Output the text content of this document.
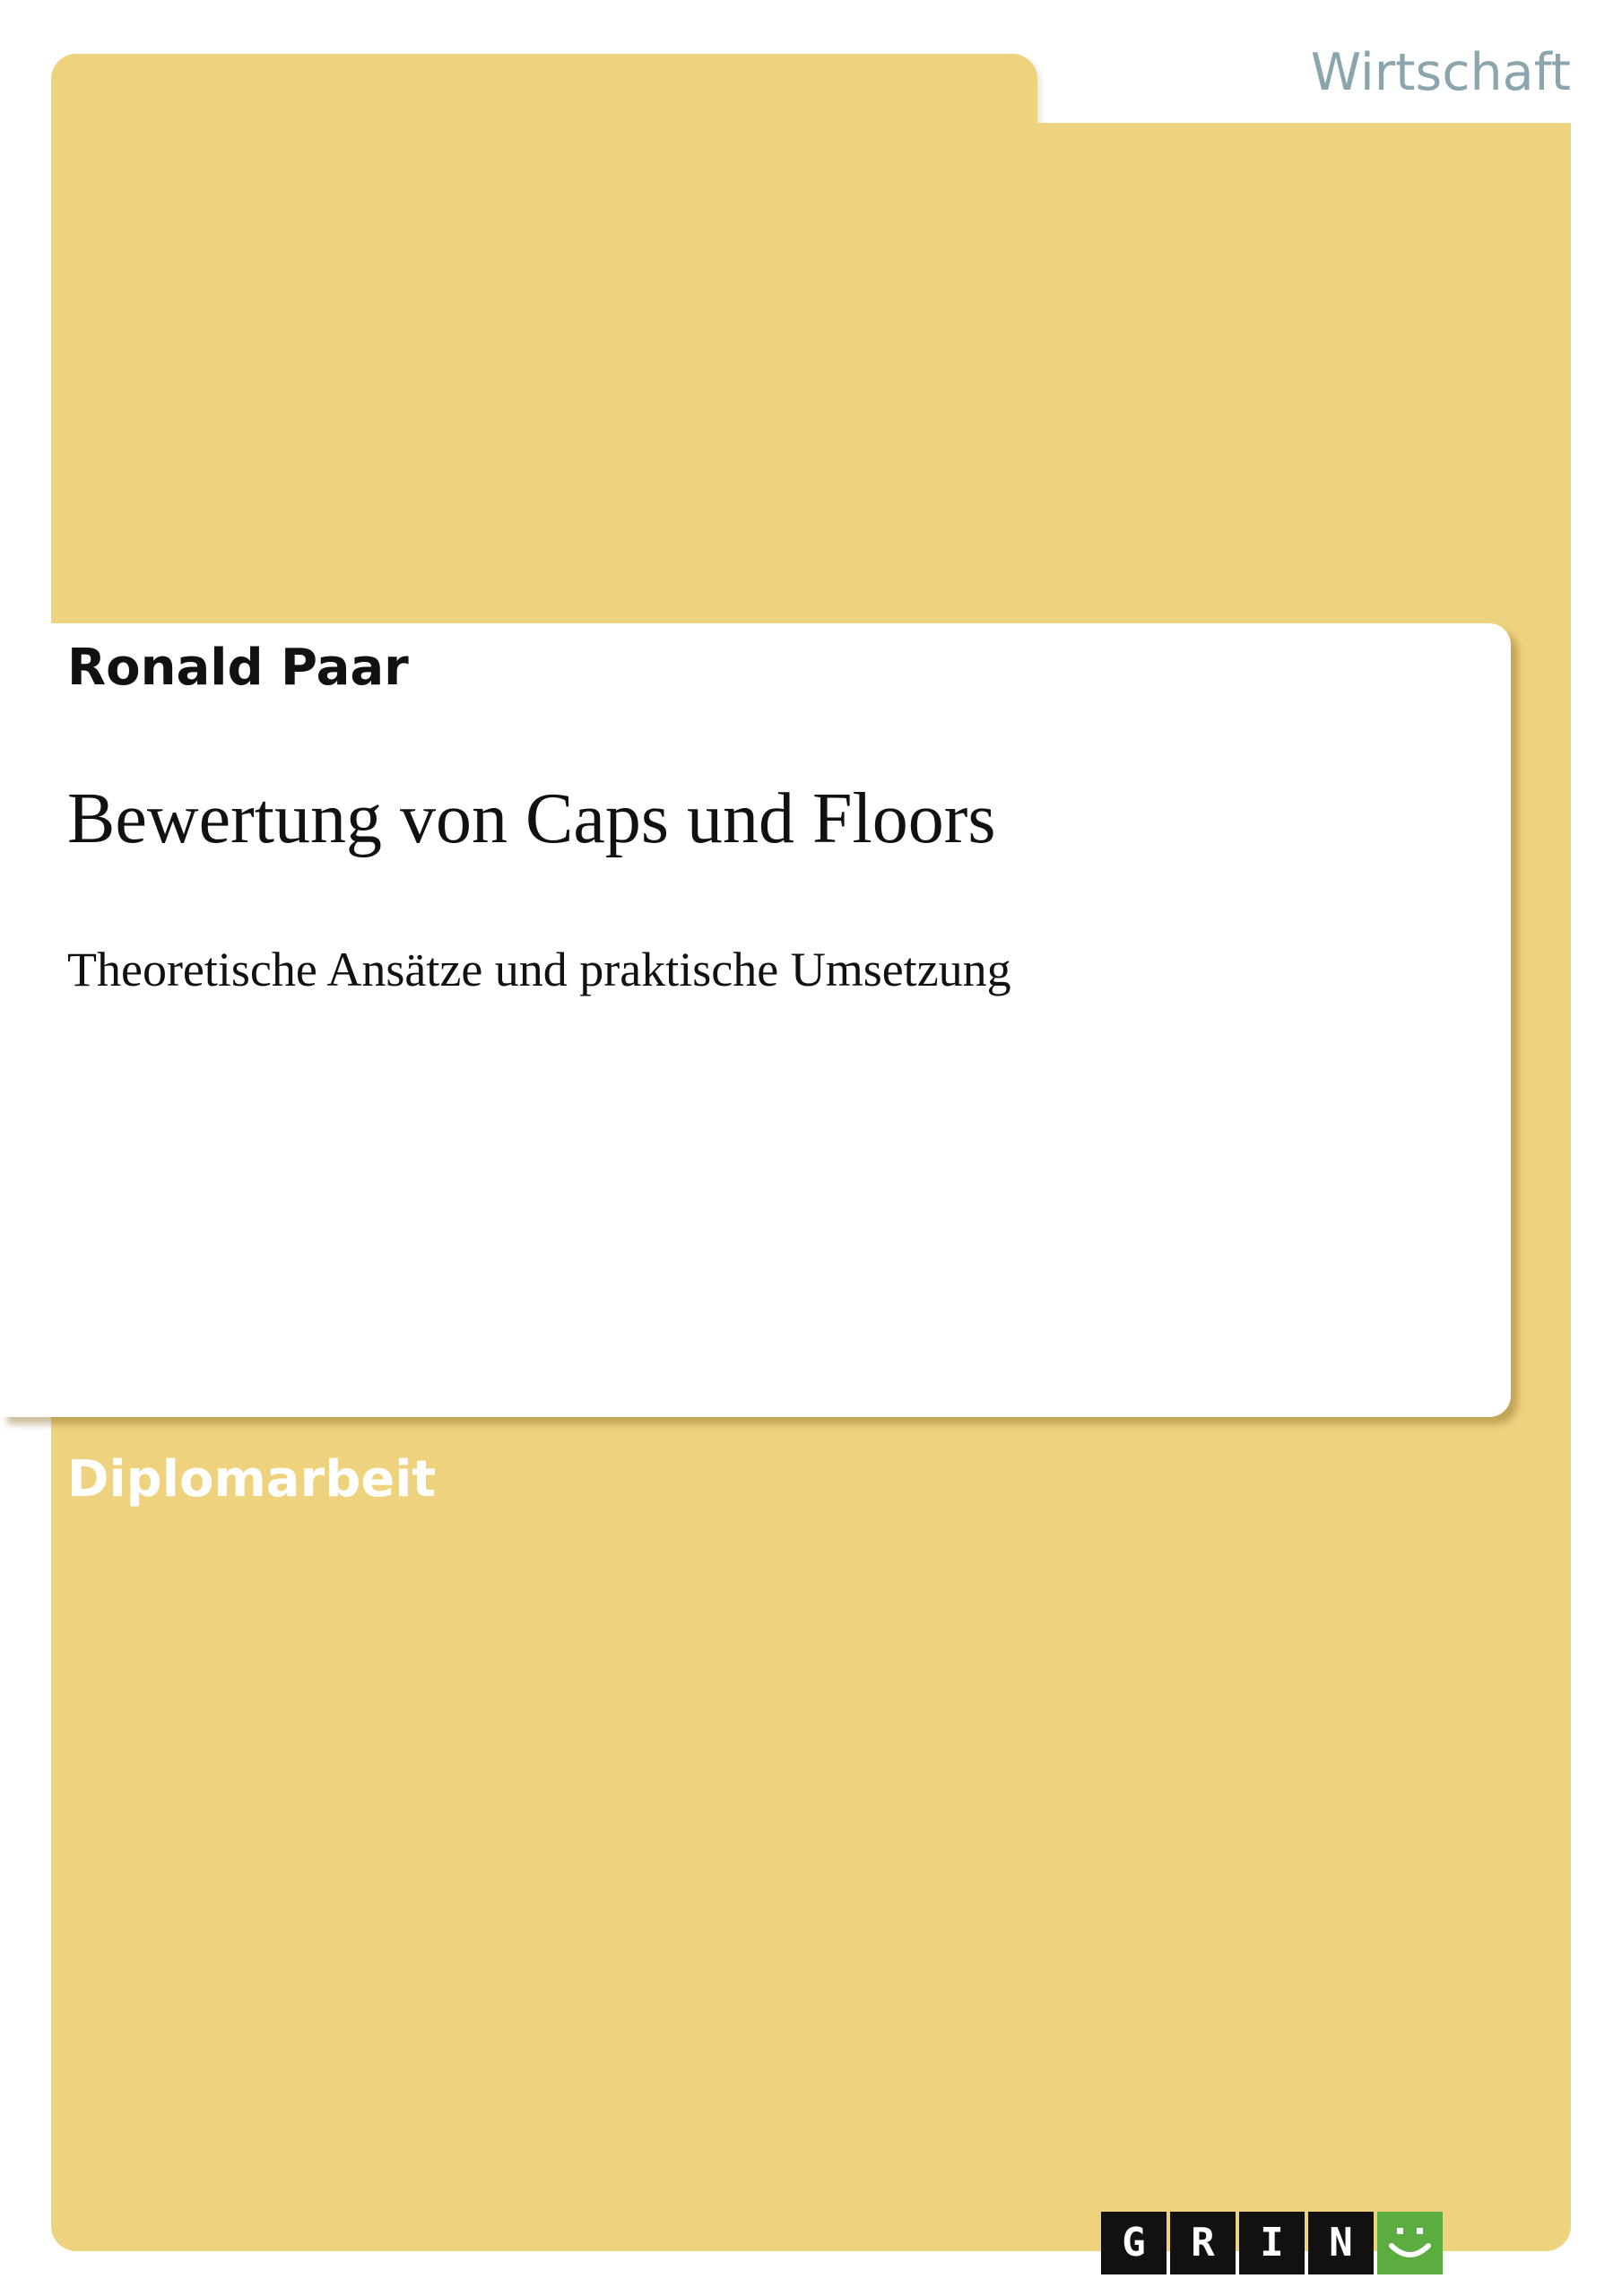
Wirtschaft
Ronald Paar
Bewertung von Caps und Floors
Theoretische Ansätze und praktische Umsetzung
Diplomarbeit
G	R	I	N
